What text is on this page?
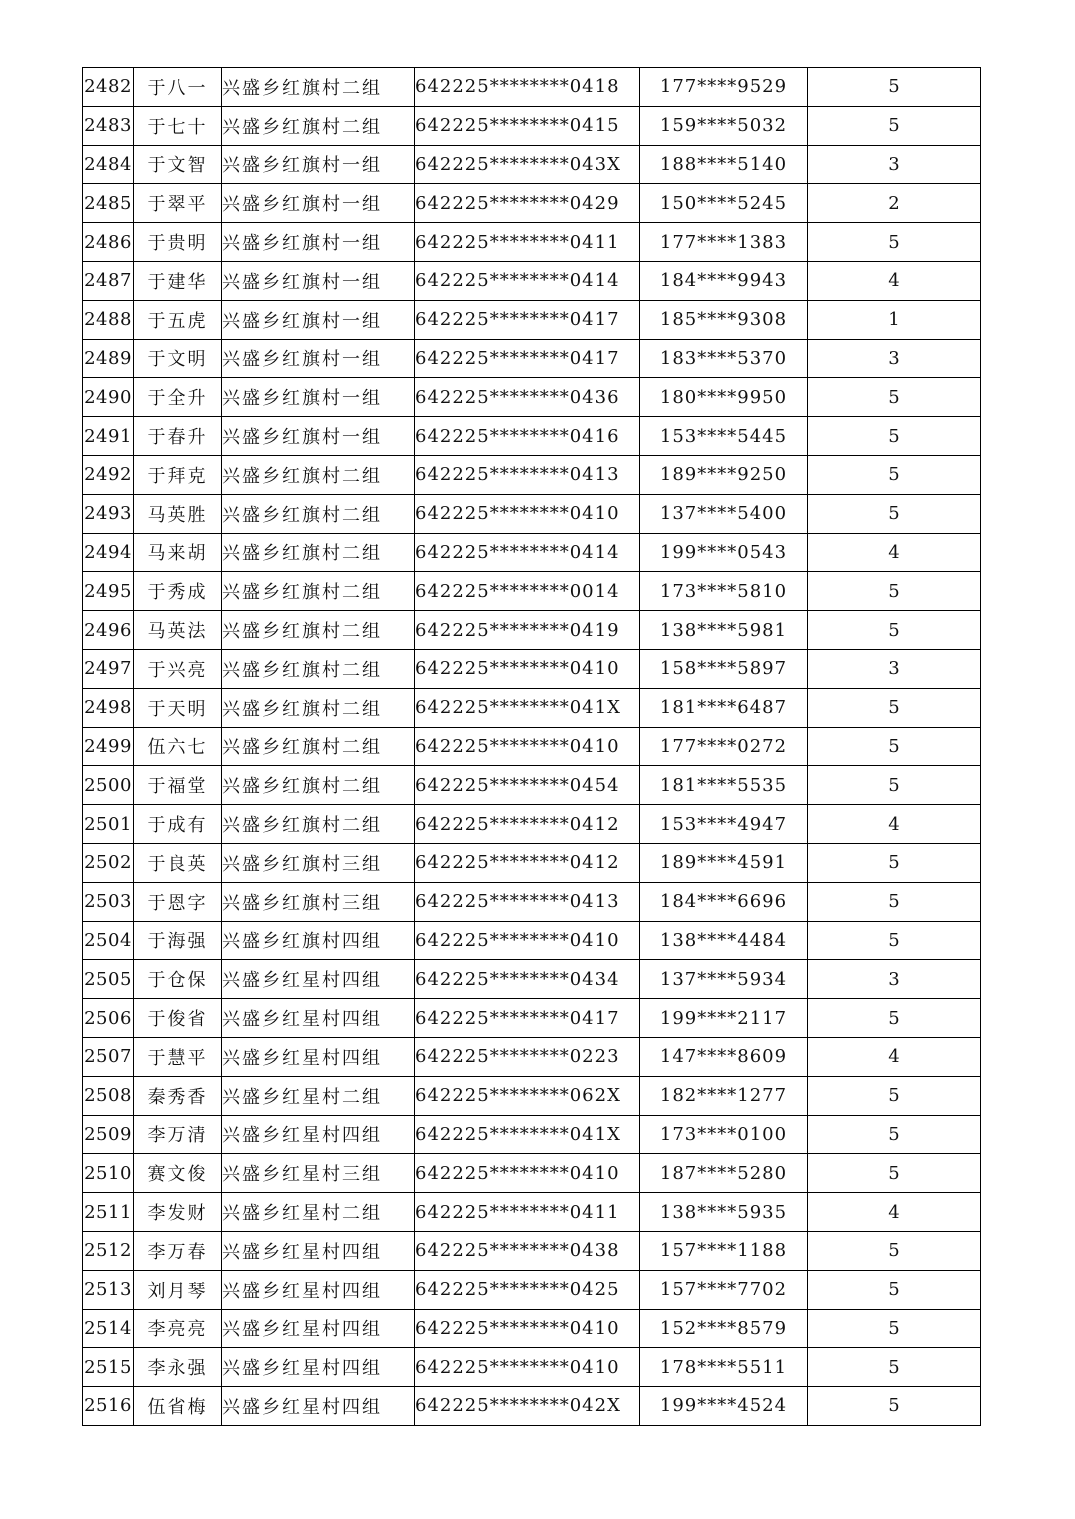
2482	于八一	兴盛乡红旗村二组	642225********0418	177****9529	5
2483	于七十	兴盛乡红旗村二组	642225********0415	159****5032	5
2484	于文智	兴盛乡红旗村一组	642225********043X	188****5140	3
2485	于翠平	兴盛乡红旗村一组	642225********0429	150****5245	2
2486	于贵明	兴盛乡红旗村一组	642225********0411	177****1383	5
2487	于建华	兴盛乡红旗村一组	642225********0414	184****9943	4
2488	于五虎	兴盛乡红旗村一组	642225********0417	185****9308	1
2489	于文明	兴盛乡红旗村一组	642225********0417	183****5370	3
2490	于全升	兴盛乡红旗村一组	642225********0436	180****9950	5
2491	于春升	兴盛乡红旗村一组	642225********0416	153****5445	5
2492	于拜克	兴盛乡红旗村二组	642225********0413	189****9250	5
2493	马英胜	兴盛乡红旗村二组	642225********0410	137****5400	5
2494	马来胡	兴盛乡红旗村二组	642225********0414	199****0543	4
2495	于秀成	兴盛乡红旗村二组	642225********0014	173****5810	5
2496	马英法	兴盛乡红旗村二组	642225********0419	138****5981	5
2497	于兴亮	兴盛乡红旗村二组	642225********0410	158****5897	3
2498	于天明	兴盛乡红旗村二组	642225********041X	181****6487	5
2499	伍六七	兴盛乡红旗村二组	642225********0410	177****0272	5
2500	于福堂	兴盛乡红旗村二组	642225********0454	181****5535	5
2501	于成有	兴盛乡红旗村二组	642225********0412	153****4947	4
2502	于良英	兴盛乡红旗村三组	642225********0412	189****4591	5
2503	于恩字	兴盛乡红旗村三组	642225********0413	184****6696	5
2504	于海强	兴盛乡红旗村四组	642225********0410	138****4484	5
2505	于仓保	兴盛乡红星村四组	642225********0434	137****5934	3
2506	于俊省	兴盛乡红星村四组	642225********0417	199****2117	5
2507	于慧平	兴盛乡红星村四组	642225********0223	147****8609	4
2508	秦秀香	兴盛乡红星村二组	642225********062X	182****1277	5
2509	李万清	兴盛乡红星村四组	642225********041X	173****0100	5
2510	赛文俊	兴盛乡红星村三组	642225********0410	187****5280	5
2511	李发财	兴盛乡红星村二组	642225********0411	138****5935	4
2512	李万春	兴盛乡红星村四组	642225********0438	157****1188	5
2513	刘月琴	兴盛乡红星村四组	642225********0425	157****7702	5
2514	李亮亮	兴盛乡红星村四组	642225********0410	152****8579	5
2515	李永强	兴盛乡红星村四组	642225********0410	178****5511	5
2516	伍省梅	兴盛乡红星村四组	642225********042X	199****4524	5
